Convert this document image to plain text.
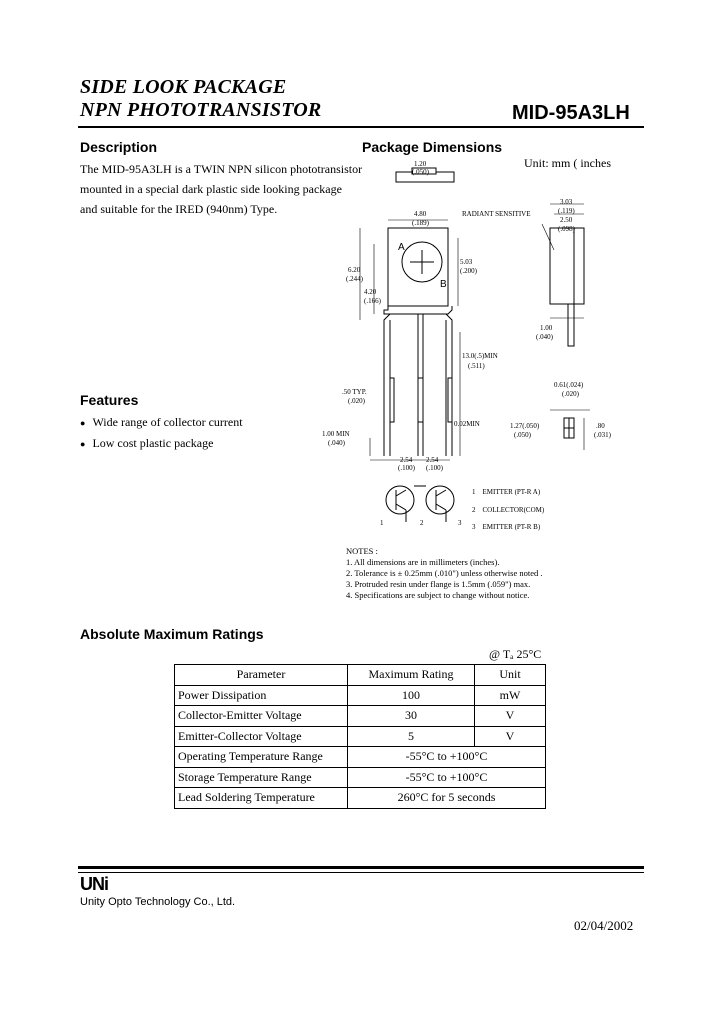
SIDE LOOK PACKAGE
NPN PHOTOTRANSISTOR	MID-95A3LH
Description
The MID-95A3LH is a TWIN NPN silicon phototransistor
mounted in a special dark plastic side looking package
and suitable for the IRED (940nm) Type.
Features
● Wide range of collector current
● Low cost plastic package
Package Dimensions
Unit: mm ( inches
A
B
RADIANT SENSITIVE
1.20
(.050)
4.80
(.189)
3.03
(.119)
2.50
(.098)
6.20
(.244)
4.20
(.166)
5.03
(.200)
1.00
(.040)
13.0(.5)MIN
(.511)
.50 TYP.
(.020)
1.00 MIN
(.040)
0.02MIN
2.54
(.100)
2.54
(.100)
0.61(.024)
(.020)
1.27(.050)
(.050)
.80
(.031)
1	2	3
1 EMITTER (PT-R A)
2 COLLECTOR(COM)
3 EMITTER (PT-R B)
NOTES :
1. All dimensions are in millimeters (inches).
2. Tolerance is ± 0.25mm (.010") unless otherwise noted .
3. Protruded resin under flange is 1.5mm (.059") max.
4. Specifications are subject to change without notice.
Absolute Maximum Ratings
@ Tₐ 25°C
Parameter	Maximum Rating	Unit
Power Dissipation	100	mW
Collector-Emitter Voltage	30	V
Emitter-Collector Voltage	5	V
Operating Temperature Range	-55°C to +100°C	
Storage Temperature Range	-55°C to +100°C	
Lead Soldering Temperature	260°C for 5 seconds	
UNi
Unity Opto Technology Co., Ltd.
02/04/2002
